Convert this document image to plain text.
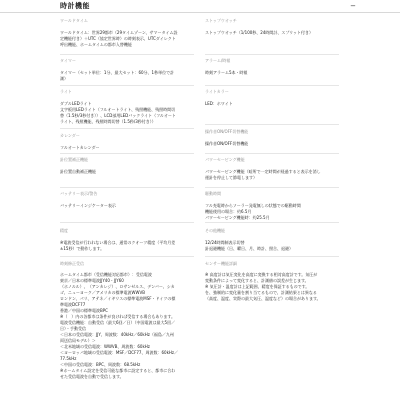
時計機能	−
ワールドタイム
ワールドタイム：世界29都市（29タイムゾーン、サマータイム設
定機能付き）＋UTC（協定世界時）の時刻表示、UTCダイレクト
呼出機能、ホームタイムの都市入替機能
タイマー
タイマー（セット単位：1分、最大セット：60分、1秒単位で計
測）
ライト
ダブルLEDライト
文字板用LEDライト（フルオートライト、残照機能、残照時間切
替（1.5秒/3秒付き））、LCD部用LEDバックライト（フルオート
ライト、残照機能、残照時間切替（1.5秒/3秒付き））
カレンダー
フルオートカレンダー
針位置補正機能
針位置自動補正機能
バッテリー表示/警告
バッテリーインジケーター表示
精度
※電波受信が行われない場合は、通常のクオーツ精度（平均月差
±15秒）で動作します。
時刻修正受信
ホームタイム都市（受信機能対応都市）：受信電波
東京／日本の標準電波JJY40・JJY60
（ホノルル）、（アンカレジ）、ロサンゼルス、デンバー、シカ
ゴ、ニューヨーク／アメリカの標準電波WWVB
ロンドン、パリ、アテネ／イギリスの標準電波MSF・ドイツの標
準電波DCF77
香港／中国の標準電波BPC
※（　）内の各都市は条件が良ければ受信する場合もあります。
電波受信機能：自動受信（最大6回／日）（中国電波は最大5回／
日）・手動受信
＜日本の受信電波：JJY、周波数：40kHz／60kHz（福島／九州
両送信局モデル）＞
＜北米地域の受信電波：WWVB、周波数：60kHz
＜ヨーロッパ地域の受信電波：MSF／DCF77、周波数：60kHz／
77.5kHz
＜中国の受信電波：BPC、周波数：68.5kHz
※ホームタイム設定を受信可能な都市に設定すると、都市に合わ
せた受信電波を自動で受信します。
ストップウオッチ
ストップウオッチ（1/100秒、24時間計、スプリット付き）
アラーム/時報
時刻アラーム5本・時報
ライトカラー
LED：ホワイト
操作音ON/OFF切替機能
操作音ON/OFF切替機能
パワーセービング機能
パワーセービング機能（暗所で一定時間が経過すると表示を消し
運針を停止して節電します）
駆動時間
フル充電時からソーラー発電無しの状態での駆動時間
機能使用の場合：約6.5月
パワーセービング機能時：約25.5月
その他機能
12/24時間制表示切替
針退避機能（日、曜日、月、時計、照合、退避）
センサー機能詳細
※ 高度計は気圧変化を高度に変換する相対高度計です。気圧が
変動条件によって変化すると、計測値の誤差が生じます。
※ 気圧計・温度計は上記範囲、精度を保証するものです。
を、強制的に変化量を割り当てるもので、計測結果とは異なる
（高度、温度、実際の最大気圧、温度など）の場合があります。
